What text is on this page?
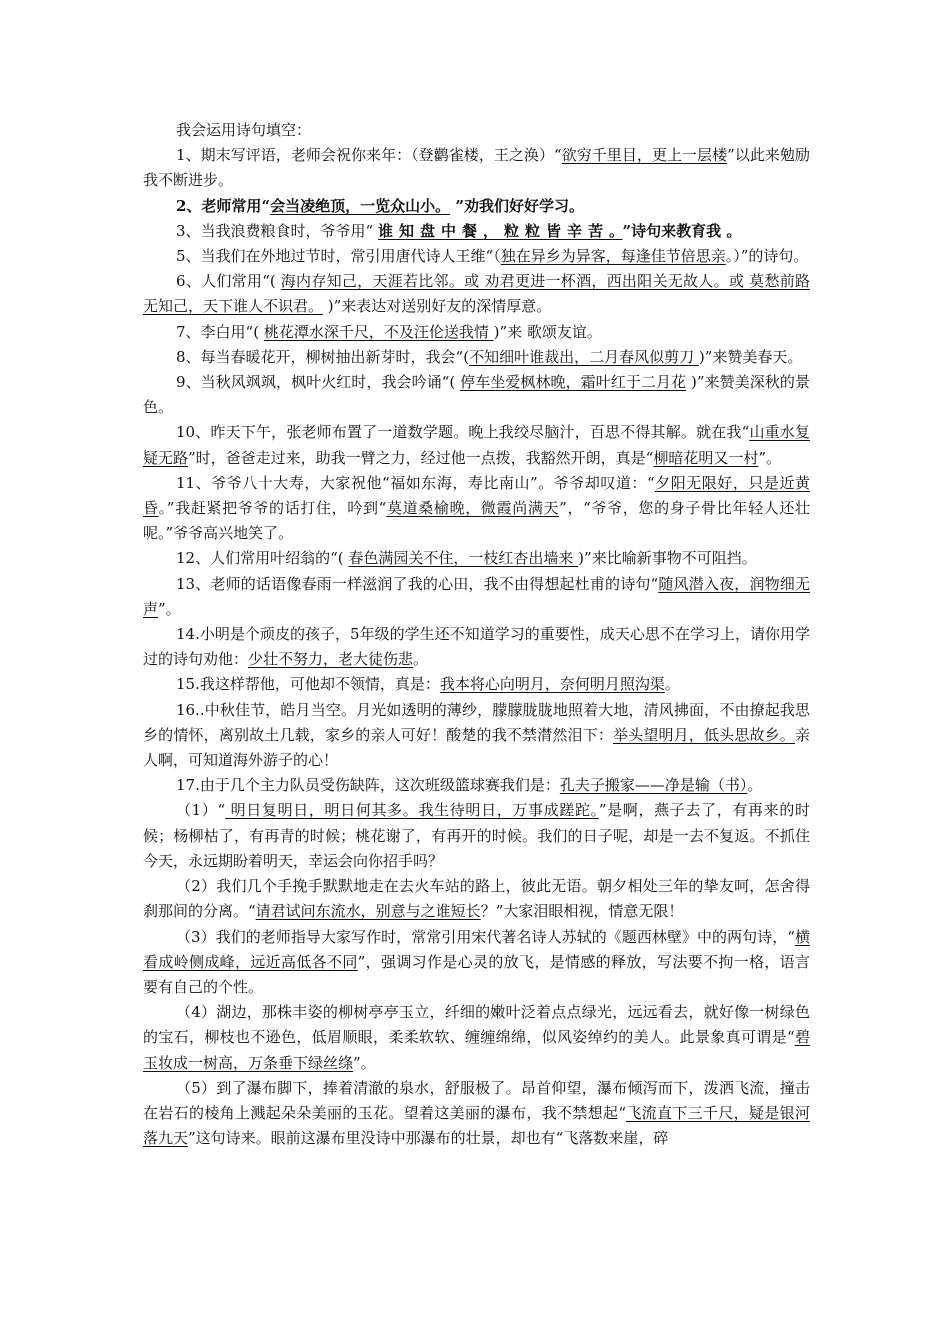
我会运用诗句填空：

1、期末写评语，老师会祝你来年：（登鹳雀楼，王之涣）“欲穷千里目，更上一层楼”以此来勉励我不断进步。

2、老师常用“会当凌绝顶，一览众山小。 ”劝我们好好学习。

3、当我浪费粮食时，爷爷用“ 谁知盘中餐，粒粒皆辛苦。”诗句来教育我 。

5、当我们在外地过节时，常引用唐代诗人王维“（独在异乡为异客，每逢佳节倍思亲。）”的诗句。

6、人们常用“( 海内存知己，天涯若比邻。或 劝君更进一杯酒，西出阳关无故人。或 莫愁前路无知己，天下谁人不识君。 )”来表达对送别好友的深情厚意。

7、李白用“( 桃花潭水深千尺，不及汪伦送我情 )”来 歌颂友谊。

8、每当春暖花开，柳树抽出新芽时，我会“(不知细叶谁裁出，二月春风似剪刀 )”来赞美春天。

9、当秋风飒飒，枫叶火红时，我会吟诵“( 停车坐爱枫林晚，霜叶红于二月花 )”来赞美深秋的景色。

10、昨天下午，张老师布置了一道数学题。晚上我绞尽脑汁，百思不得其解。就在我“山重水复疑无路”时，爸爸走过来，助我一臂之力，经过他一点拨，我豁然开朗，真是“柳暗花明又一村”。

11、爷爷八十大寿，大家祝他“福如东海，寿比南山”。爷爷却叹道：“夕阳无限好，只是近黄昏。”我赶紧把爷爷的话打住，吟到“莫道桑榆晚，微霞尚满天”，“爷爷，您的身子骨比年轻人还壮呢。”爷爷高兴地笑了。

12、人们常用叶绍翁的“( 春色满园关不住，一枝红杏出墙来 )”来比喻新事物不可阻挡。

13、老师的话语像春雨一样滋润了我的心田，我不由得想起杜甫的诗句“随风潜入夜，润物细无声”。

14.小明是个顽皮的孩子，5年级的学生还不知道学习的重要性，成天心思不在学习上，请你用学过的诗句劝他：少壮不努力，老大徒伤悲。

15.我这样帮他，可他却不领情，真是：我本将心向明月，奈何明月照沟渠。

16..中秋佳节，皓月当空。月光如透明的薄纱，朦朦胧胧地照着大地，清风拂面，不由撩起我思乡的情怀，离别故土几载，家乡的亲人可好！酸楚的我不禁潸然泪下：举头望明月，低头思故乡。亲人啊，可知道海外游子的心！

17.由于几个主力队员受伤缺阵，这次班级篮球赛我们是：孔夫子搬家——净是输（书）。

（1）“ 明日复明日，明日何其多。我生待明日，万事成蹉跎。”是啊，燕子去了，有再来的时候；杨柳枯了，有再青的时候；桃花谢了，有再开的时候。我们的日子呢，却是一去不复返。不抓住今天，永远期盼着明天，幸运会向你招手吗？

（2）我们几个手挽手默默地走在去火车站的路上，彼此无语。朝夕相处三年的挚友呵，怎舍得刹那间的分离。“请君试问东流水，别意与之谁短长？”大家泪眼相视，情意无限！

（3）我们的老师指导大家写作时，常常引用宋代著名诗人苏轼的《题西林壁》中的两句诗，“横看成岭侧成峰，远近高低各不同”，强调习作是心灵的放飞，是情感的释放，写法要不拘一格，语言要有自己的个性。

（4）湖边，那株丰姿的柳树亭亭玉立，纤细的嫩叶泛着点点绿光，远远看去，就好像一树绿色的宝石，柳枝也不逊色，低眉顺眼，柔柔软软、缠缠绵绵，似风姿绰约的美人。此景象真可谓是“碧玉妆成一树高，万条垂下绿丝绦”。

（5）到了瀑布脚下，捧着清澈的泉水，舒服极了。昂首仰望，瀑布倾泻而下，泼洒飞流，撞击在岩石的棱角上溅起朵朵美丽的玉花。望着这美丽的瀑布，我不禁想起“飞流直下三千尺，疑是银河落九天”这句诗来。眼前这瀑布里没诗中那瀑布的壮景，却也有“飞落数来崖，碎
